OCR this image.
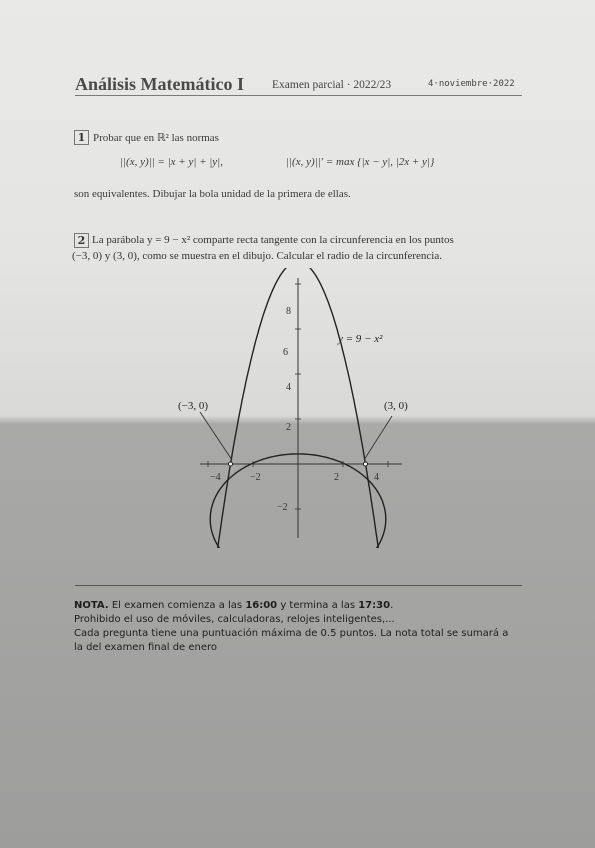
Análisis Matemático I Examen parcial · 2022/23	4·noviembre·2022
1 Probar que en ℝ² las normas
||(x, y)|| = |x + y| + |y|,	||(x, y)||′ = max {|x − y|, |2x + y|}
son equivalentes. Dibujar la bola unidad de la primera de ellas.
2 La parábola y = 9 − x² comparte recta tangente con la circunferencia en los puntos
(−3, 0) y (3, 0), como se muestra en el dibujo. Calcular el radio de la circunferencia.
8
6
4
2
−2
−4	−2	2	4
y = 9 − x²
(−3, 0)	(3, 0)
NOTA. El examen comienza a las 16:00 y termina a las 17:30.
Prohibido el uso de móviles, calculadoras, relojes inteligentes,...
Cada pregunta tiene una puntuación máxima de 0.5 puntos. La nota total se sumará a
la del examen final de enero
